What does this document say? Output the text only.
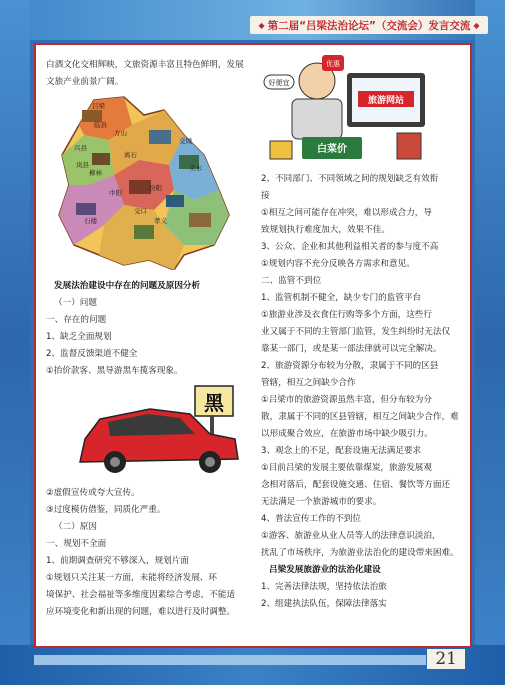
◆ 第二届“吕梁法治论坛”（交流会）发言交流 ◆

白酒文化交相辉映，文旅资源丰富且特色鲜明，发展

文旅产业前景广阔。

吕梁
临县
兴县
方山
离石
柳林
中阳
交口
石楼	孝义
汾阳
文水
交城
岚县

发展法治建设中存在的问题及原因分析

（一）问题

一、存在的问题

1、缺乏全面规划

2、监督反馈渠道不健全

①抬价款客、黑导游黑车揽客现象。

黑

②虚假宣传或夸大宣传。

③过度模仿借鉴，同质化严重。

（二）原因

一、规划不全面

1、前期调查研究不够深入，规划片面

①规划只关注某一方面，未能将经济发展、环

境保护、社会福祉等多维度因素综合考虑，不能适

应环境变化和新出现的问题，难以进行及时调整。

旅游网站
好便宜
优惠
白菜价

2、不同部门、不同领域之间的规划缺乏有效衔

接

①相互之间可能存在冲突，难以形成合力，导

致规划执行难度加大，效果不佳。

3、公众、企业和其他利益相关者的参与度不高

①规划内容不充分反映各方需求和意见。

二、监管不到位

1、监管机制不健全，缺少专门的监管平台

①旅游业涉及衣食住行购等多个方面，这些行

业又属于不同的主管部门监管，发生纠纷时无法仅

靠某一部门，或是某一部法律就可以完全解决。

2、旅游资源分布较为分散，隶属于不同的区县

管辖，相互之间缺少合作

①吕梁市的旅游资源虽然丰富，但分布较为分

散，隶属于不同的区县管辖，相互之间缺少合作，难

以形成聚合效应，在旅游市场中缺少吸引力。

3、观念上的不足，配套设施无法满足要求

①目前吕梁的发展主要依靠煤炭，旅游发展观

念相对落后，配套设施交通、住宿、餐饮等方面还

无法满足一个旅游城市的要求。

4、普法宣传工作的不到位

①游客、旅游业从业人员等人的法律意识淡泊，

扰乱了市场秩序，为旅游业法治化的建设带来困难。

吕梁发展旅游业的法治化建设

1、完善法律法规，坚持依法治旅

2、组建执法队伍，保障法律落实

21
